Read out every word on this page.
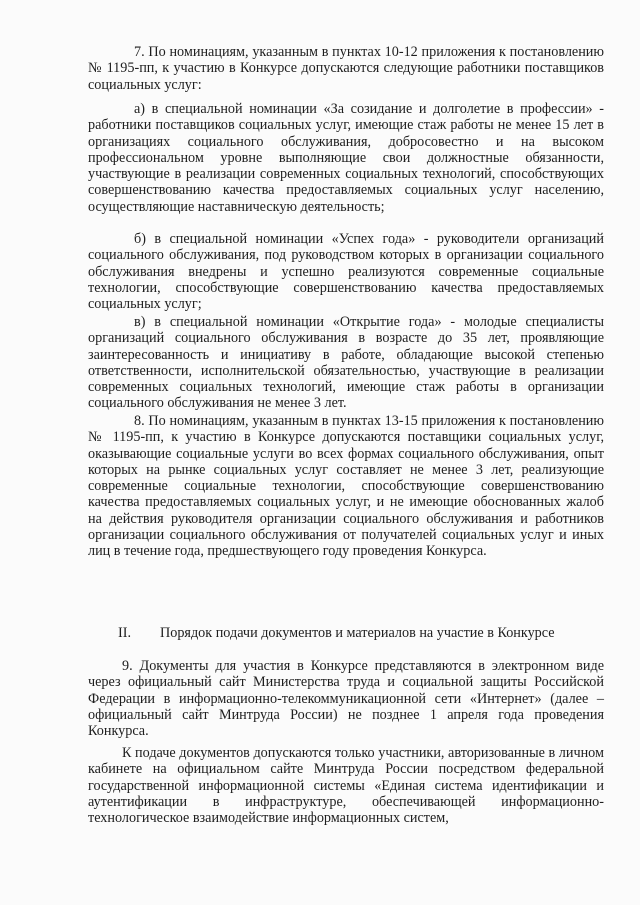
7. По номинациям, указанным в пунктах 10-12 приложения к постановлению № 1195-пп, к участию в Конкурсе допускаются следующие работники поставщиков социальных услуг:

а) в специальной номинации «За созидание и долголетие в профессии» - работники поставщиков социальных услуг, имеющие стаж работы не менее 15 лет в организациях социального обслуживания, добросовестно и на высоком профессиональном уровне выполняющие свои должностные обязанности, участвующие в реализации современных социальных технологий, способствующих совершенствованию качества предоставляемых социальных услуг населению, осуществляющие наставническую деятельность;

б) в специальной номинации «Успех года» - руководители организаций социального обслуживания, под руководством которых в организации социального обслуживания внедрены и успешно реализуются современные социальные технологии, способствующие совершенствованию качества предоставляемых социальных услуг;

в) в специальной номинации «Открытие года» - молодые специалисты организаций социального обслуживания в возрасте до 35 лет, проявляющие заинтересованность и инициативу в работе, обладающие высокой степенью ответственности, исполнительской обязательностью, участвующие в реализации современных социальных технологий, имеющие стаж работы в организации социального обслуживания не менее 3 лет.

8. По номинациям, указанным в пунктах 13-15 приложения к постановлению № 1195-пп, к участию в Конкурсе допускаются поставщики социальных услуг, оказывающие социальные услуги во всех формах социального обслуживания, опыт которых на рынке социальных услуг составляет не менее 3 лет, реализующие современные социальные технологии, способствующие совершенствованию качества предоставляемых социальных услуг, и не имеющие обоснованных жалоб на действия руководителя организации социального обслуживания и работников организации социального обслуживания от получателей социальных услуг и иных лиц в течение года, предшествующего году проведения Конкурса.

II. Порядок подачи документов и материалов на участие в Конкурсе

9. Документы для участия в Конкурсе представляются в электронном виде через официальный сайт Министерства труда и социальной защиты Российской Федерации в информационно-телекоммуникационной сети «Интернет» (далее – официальный сайт Минтруда России) не позднее 1 апреля года проведения Конкурса.

К подаче документов допускаются только участники, авторизованные в личном кабинете на официальном сайте Минтруда России посредством федеральной государственной информационной системы «Единая система идентификации и аутентификации в инфраструктуре, обеспечивающей информационно-технологическое взаимодействие информационных систем,
